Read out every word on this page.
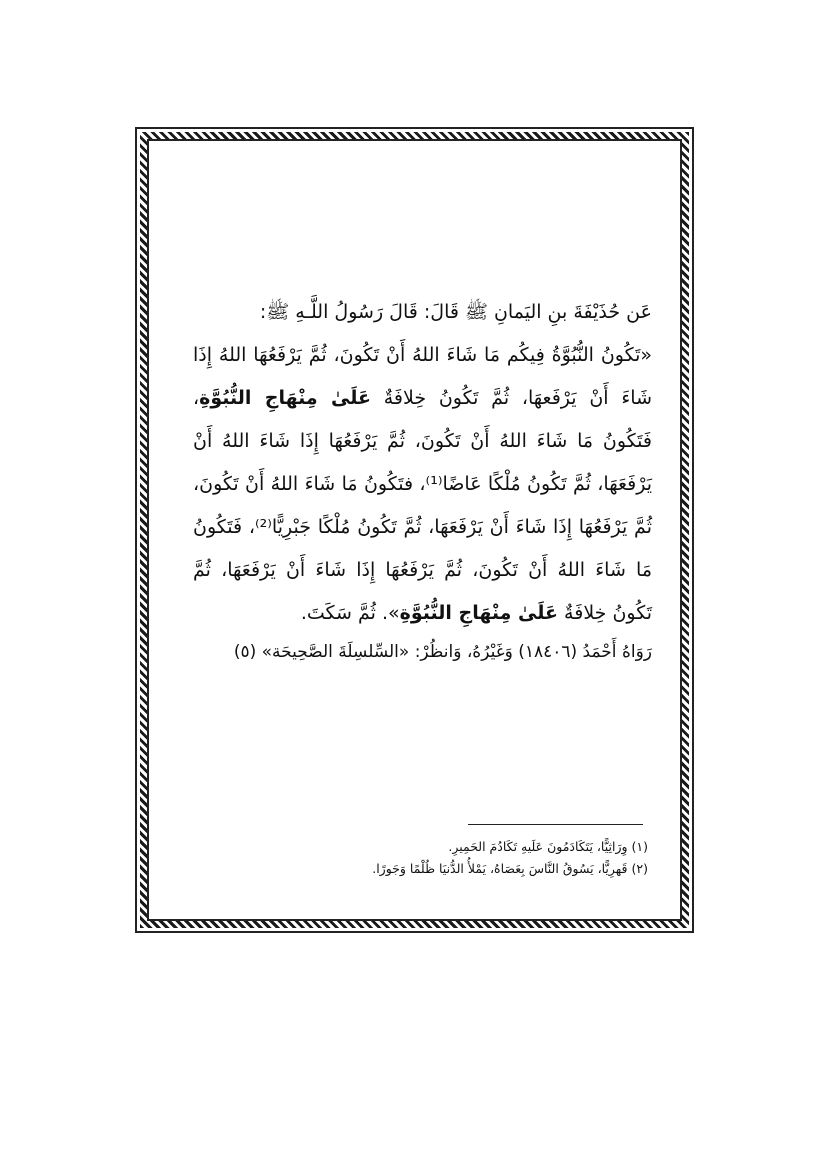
عَن حُذَيْفَةَ بنِ اليَمانِ ﷺ قَالَ: قَالَ رَسُولُ اللَّـهِ ﷺ:
«تَكُونُ النُّبُوَّةُ فِيكُم مَا شَاءَ اللهُ أَنْ تَكُونَ، ثُمَّ يَرْفَعُهَا اللهُ إِذَا شَاءَ أَنْ يَرْفَعهَا، ثُمَّ تَكُونُ خِلافَةٌ عَلَىٰ مِنْهَاجِ النُّبُوَّةِ، فَتَكُونُ مَا شَاءَ اللهُ أَنْ تَكُونَ، ثُمَّ يَرْفَعُهَا إِذَا شَاءَ اللهُ أَنْ يَرْفَعَهَا، ثُمَّ تَكُونُ مُلْكًا عَاضًا⁽¹⁾، فتَكُونُ مَا شَاءَ اللهُ أَنْ تَكُونَ، ثُمَّ يَرْفَعُهَا إِذَا شَاءَ أَنْ يَرْفَعَهَا، ثُمَّ تَكُونُ مُلْكًا جَبْرِيًّا⁽²⁾، فَتَكُونُ مَا شَاءَ اللهُ أَنْ تَكُونَ، ثُمَّ يَرْفَعُهَا إِذَا شَاءَ أَنْ يَرْفَعَهَا، ثُمَّ تَكُونُ خِلافَةٌ عَلَىٰ مِنْهَاجِ النُّبُوَّةِ». ثُمَّ سَكَتَ.

رَوَاهُ أَحْمَدُ (١٨٤٠٦) وَغَيْرُهُ، وَانظُرْ: «السِّلسِلَةَ الصَّحِيحَة» (٥)

(١) وِرَاثِيًّا، يَتَكَادَمُونَ عَلَيهِ تَكَادُمَ الحَمِيرِ.

(٢) قَهرِيًّا، يَسُوقُ النَّاسَ بِعَصَاهُ، يَمْلأُ الدُّنيَا ظُلْمًا وَجَورًا.
